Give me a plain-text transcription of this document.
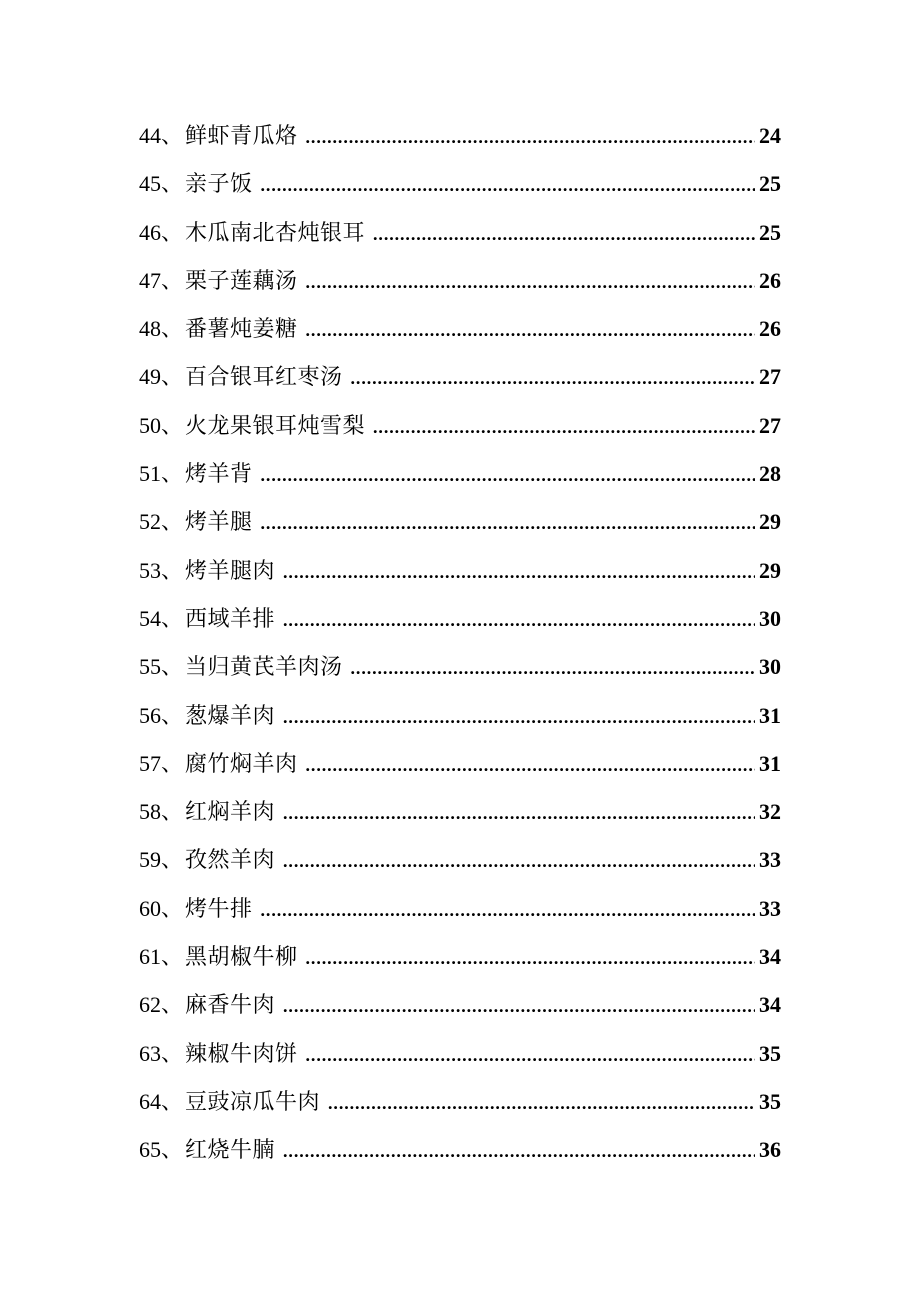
44 、 鲜虾青瓜烙 .....	24
45 、 亲子饭 .....	25
46 、 木瓜南北杏炖银耳 .....	25
47 、 栗子莲藕汤 .....	26
48 、 番薯炖姜糖 .....	26
49 、 百合银耳红枣汤 .....	27
50 、 火龙果银耳炖雪梨 .....	27
51 、 烤羊背 .....	28
52 、 烤羊腿 .....	29
53 、 烤羊腿肉 .....	29
54 、 西域羊排 .....	30
55 、 当归黄芪羊肉汤 .....	30
56 、 葱爆羊肉 .....	31
57 、 腐竹焖羊肉 .....	31
58 、 红焖羊肉 .....	32
59 、 孜然羊肉 .....	33
60 、 烤牛排 .....	33
61 、 黑胡椒牛柳 .....	34
62 、 麻香牛肉 .....	34
63 、 辣椒牛肉饼 .....	35
64 、 豆豉凉瓜牛肉 .....	35
65 、 红烧牛腩 .....	36
